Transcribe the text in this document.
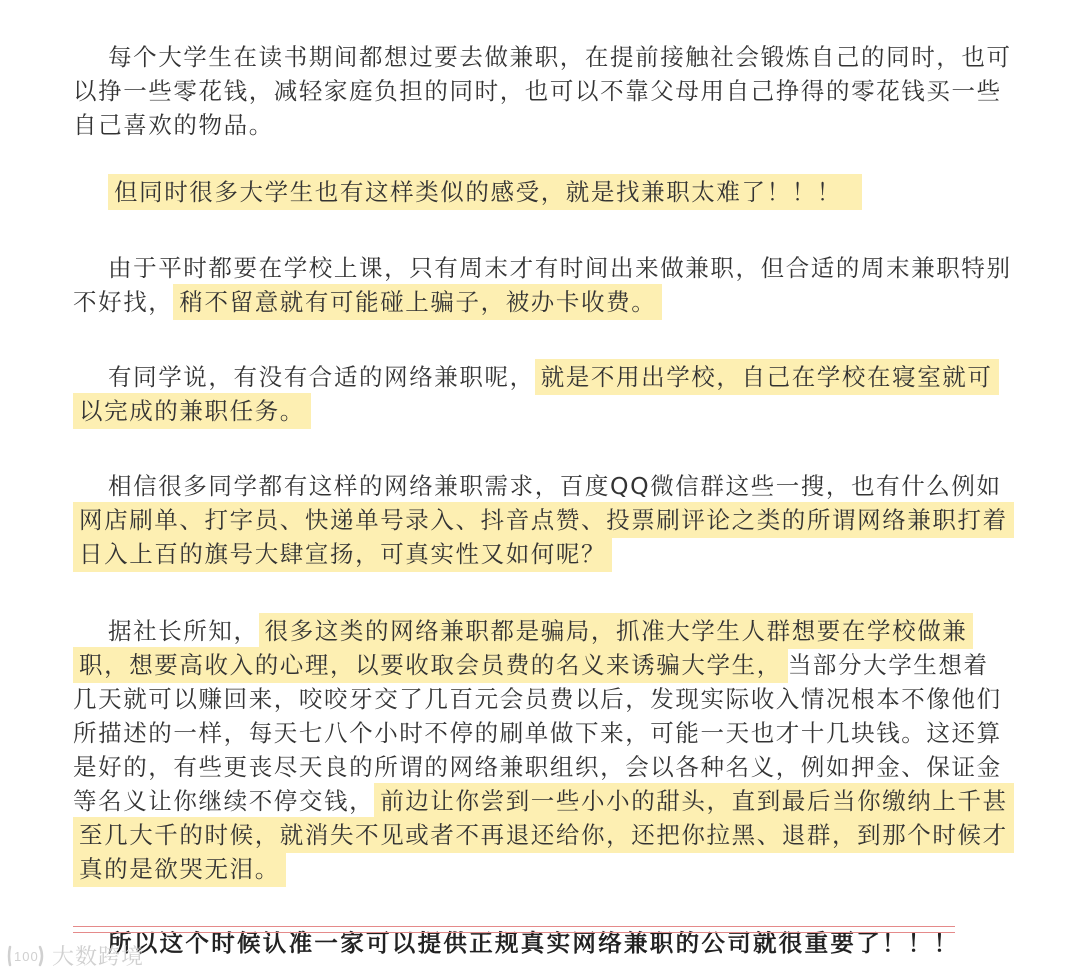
每个大学生在读书期间都想过要去做兼职，在提前接触社会锻炼自己的同时，也可以挣一些零花钱，减轻家庭负担的同时，也可以不靠父母用自己挣得的零花钱买一些自己喜欢的物品。

但同时很多大学生也有这样类似的感受，就是找兼职太难了！！！

由于平时都要在学校上课，只有周末才有时间出来做兼职，但合适的周末兼职特别不好找， 稍不留意就有可能碰上骗子，被办卡收费。

有同学说，有没有合适的网络兼职呢， 就是不用出学校，自己在学校在寝室就可以完成的兼职任务。

相信很多同学都有这样的网络兼职需求，百度QQ微信群这些一搜，也有什么例如网店刷单、打字员、快递单号录入、抖音点赞、投票刷评论之类的所谓网络兼职打着日入上百的旗号大肆宣扬，可真实性又如何呢？

据社长所知， 很多这类的网络兼职都是骗局，抓准大学生人群想要在学校做兼职，想要高收入的心理，以要收取会员费的名义来诱骗大学生， 当部分大学生想着几天就可以赚回来，咬咬牙交了几百元会员费以后，发现实际收入情况根本不像他们所描述的一样，每天七八个小时不停的刷单做下来，可能一天也才十几块钱。这还算是好的，有些更丧尽天良的所谓的网络兼职组织，会以各种名义，例如押金、保证金等名义让你继续不停交钱， 前边让你尝到一些小小的甜头，直到最后当你缴纳上千甚至几大千的时候，就消失不见或者不再退还给你，还把你拉黑、退群，到那个时候才真的是欲哭无泪。

所以这个时候认准一家可以提供正规真实网络兼职的公司就很重要了！！！

100 大数跨境
